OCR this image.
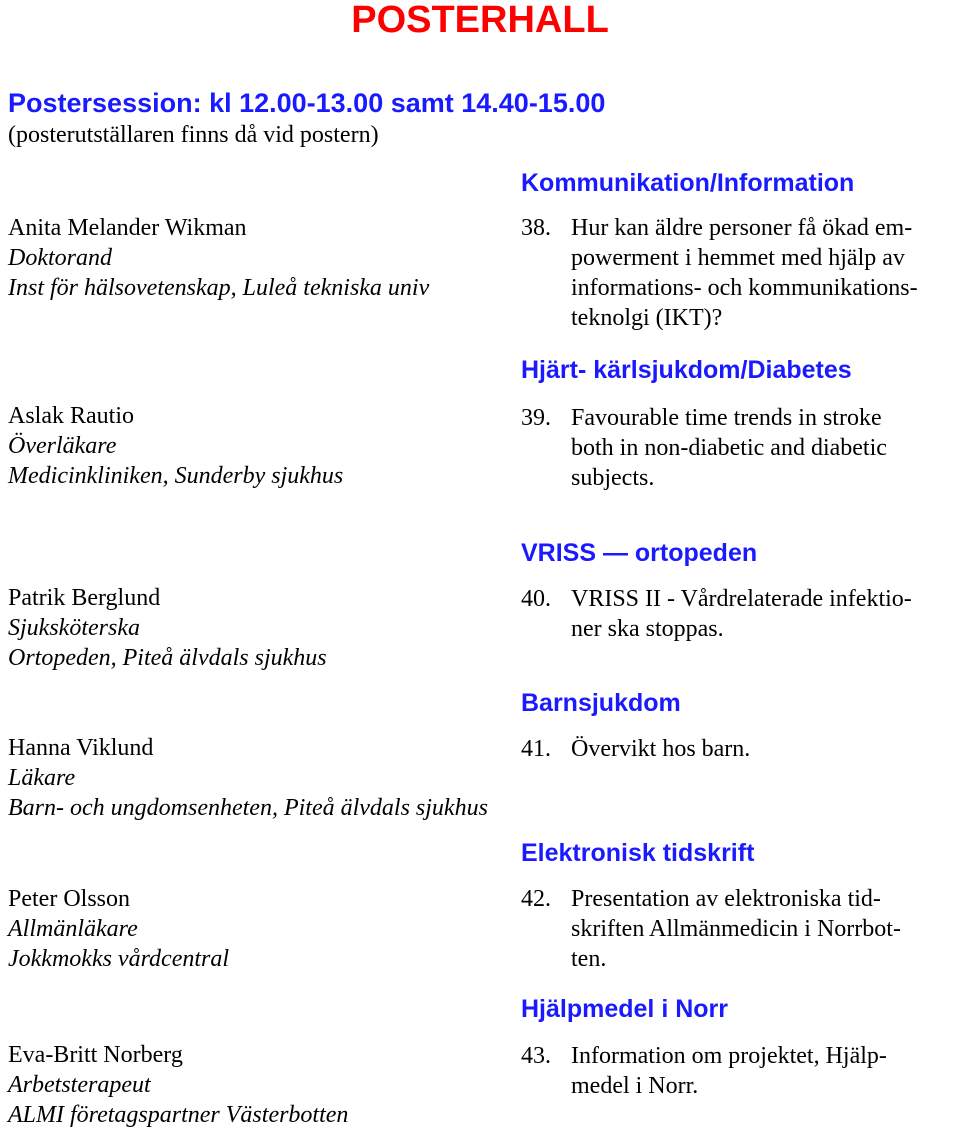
POSTERHALL
Postersession: kl 12.00-13.00 samt 14.40-15.00
(posterutställaren finns då vid postern)
Anita Melander Wikman
Doktorand
Inst för hälsovetenskap, Luleå tekniska univ
Aslak Rautio
Överläkare
Medicinkliniken, Sunderby sjukhus
Patrik Berglund
Sjuksköterska
Ortopeden, Piteå älvdals sjukhus
Hanna Viklund
Läkare
Barn- och ungdomsenheten, Piteå älvdals sjukhus
Peter Olsson
Allmänläkare
Jokkmokks vårdcentral
Eva-Britt Norberg
Arbetsterapeut
ALMI företagspartner Västerbotten
Kommunikation/Information
38. Hur kan äldre personer få ökad em-
powerment i hemmet med hjälp av
informations- och kommunikations-
teknolgi (IKT)?
Hjärt- kärlsjukdom/Diabetes
39. Favourable time trends in stroke
both in non-diabetic and diabetic
subjects.
VRISS — ortopeden
40. VRISS II - Vårdrelaterade infektio-
ner ska stoppas.
Barnsjukdom
41. Övervikt hos barn.
Elektronisk tidskrift
42. Presentation av elektroniska tid-
skriften Allmänmedicin i Norrbot-
ten.
Hjälpmedel i Norr
43. Information om projektet, Hjälp-
medel i Norr.
